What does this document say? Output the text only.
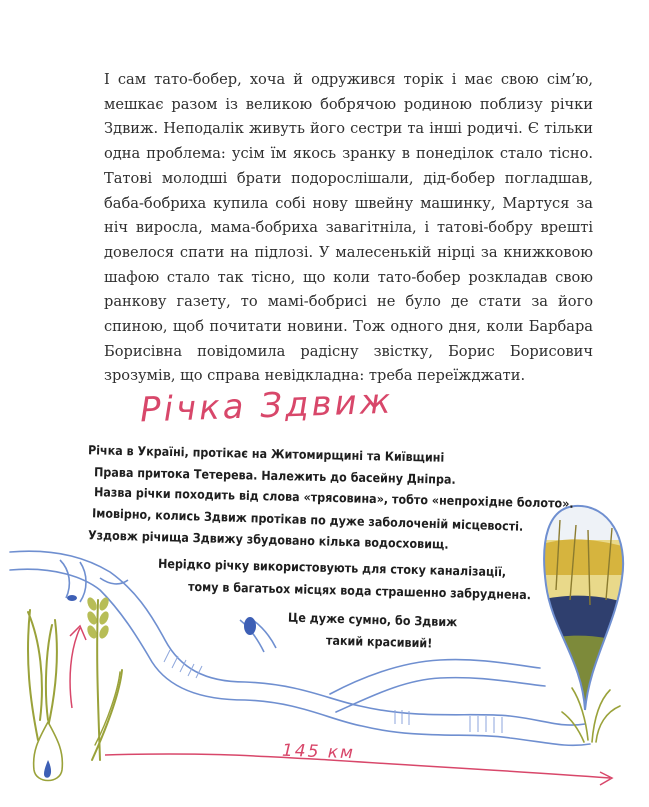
І сам тато-бобер, хоча й одружився торік і має свою сім’ю, мешкає разом із великою бобрячою родиною поблизу річки Здвиж. Неподалік живуть його сестри та інші родичі. Є тільки одна проблема: усім їм якось зранку в понеділок стало тісно. Татові молодші брати подорослішали, дід-бобер погладшав, баба-бобриха купила собі нову швейну машинку, Мартуся за ніч виросла, мама-бобриха завагітніла, і татові-бобру врешті довелося спати на підлозі. У малесенькій нірці за книжковою шафою стало так тісно, що коли тато-бобер розкладав свою ранкову газету, то мамі-бобрисі не було де стати за його спиною, щоб почитати новини. Тож одного дня, коли Барбара Борисівна повідомила радісну звістку, Борис Борисович зрозумів, що справа невідкладна: треба переїжджати.

Річка Здвиж
Річка в Україні, протікає на Житомирщині та Київщині
Права притока Тетерева. Належить до басейну Дніпра.
Назва річки походить від слова «трясовина», тобто «непрохідне болото».
Імовірно, колись Здвиж протікав по дуже заболоченій місцевості.
Уздовж річища Здвижу збудовано кілька водосховищ.
Нерідко річку використовують для стоку каналізації,
тому в багатьох місцях вода страшенно забруднена.
Це дуже сумно, бо Здвиж
такий красивий!
145 км
